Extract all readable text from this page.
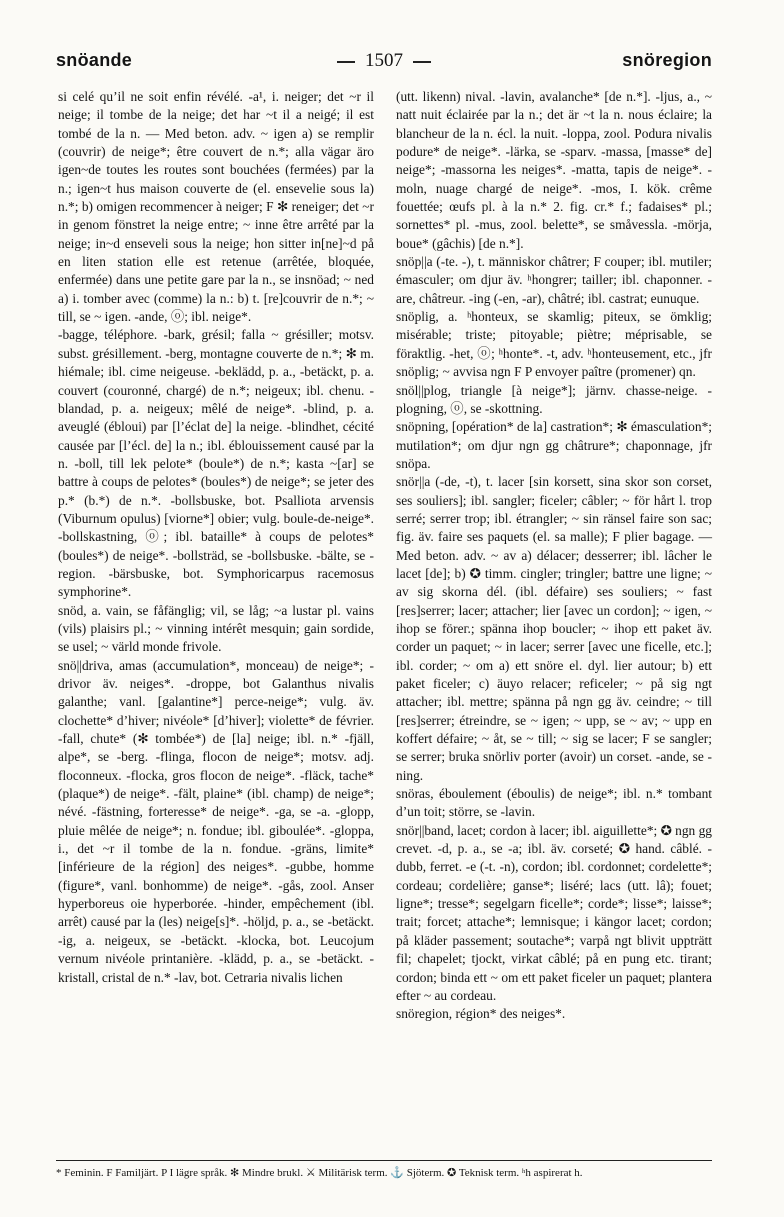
snöande	1507	snöregion

si celé qu’il ne soit enfin révélé. -a¹, i. neiger; det ~r il neige; il tombe de la neige; det har ~t il a neigé; il est tombé de la n. — Med beton. adv. ~ igen a) se remplir (couvrir) de neige*; être couvert de n.*; alla vägar äro igen~de toutes les routes sont bouchées (fermées) par la n.; igen~t hus maison couverte de (el. ensevelie sous la) n.*; b) omigen recommencer à neiger; F ✻ reneiger; det ~r in genom fönstret la neige entre; ~ inne être arrêté par la neige; in~d enseveli sous la neige; hon sitter in[ne]~d på en liten station elle est retenue (arrêtée, bloquée, enfermée) dans une petite gare par la n., se insnöad; ~ ned a) i. tomber avec (comme) la n.: b) t. [re]couvrir de n.*; ~ till, se ~ igen. -ande, ⓞ; ibl. neige*.

-bagge, téléphore. -bark, grésil; falla ~ grésiller; motsv. subst. grésillement. -berg, montagne couverte de n.*; ✻ m. hiémale; ibl. cime neigeuse. -beklädd, p. a., -betäckt, p. a. couvert (couronné, chargé) de n.*; neigeux; ibl. chenu. -blandad, p. a. neigeux; mêlé de neige*. -blind, p. a. aveuglé (ébloui) par [l’éclat de] la neige. -blindhet, cécité causée par [l’écl. de] la n.; ibl. éblouissement causé par la n. -boll, till lek pelote* (boule*) de n.*; kasta ~[ar] se battre à coups de pelotes* (boules*) de neige*; se jeter des p.* (b.*) de n.*. -bollsbuske, bot. Psalliota arvensis (Viburnum opulus) [viorne*] obier; vulg. boule-de-neige*. -bollskastning, ⓞ; ibl. bataille* à coups de pelotes* (boules*) de neige*. -bollsträd, se -bollsbuske. -bälte, se -region. -bärsbuske, bot. Symphoricarpus racemosus symphorine*.

snöd, a. vain, se fåfänglig; vil, se låg; ~a lustar pl. vains (vils) plaisirs pl.; ~ vinning intérêt mesquin; gain sordide, se usel; ~ värld monde frivole.

snö||driva, amas (accumulation*, monceau) de neige*; -drivor äv. neiges*. -droppe, bot Galanthus nivalis galanthe; vanl. [galantine*] perce-neige*; vulg. äv. clochette* d’hiver; nivéole* [d’hiver]; violette* de février. -fall, chute* (✻ tombée*) de [la] neige; ibl. n.* -fjäll, alpe*, se -berg. -flinga, flocon de neige*; motsv. adj. floconneux. -flocka, gros flocon de neige*. -fläck, tache* (plaque*) de neige*. -fält, plaine* (ibl. champ) de neige*; névé. -fästning, forteresse* de neige*. -ga, se -a. -glopp, pluie mêlée de neige*; n. fondue; ibl. giboulée*. -gloppa, i., det ~r il tombe de la n. fondue. -gräns, limite* [inférieure de la région] des neiges*. -gubbe, homme (figure*, vanl. bonhomme) de neige*. -gås, zool. Anser hyperboreus oie hyperborée. -hinder, empêchement (ibl. arrêt) causé par la (les) neige[s]*. -höljd, p. a., se -betäckt. -ig, a. neigeux, se -betäckt. -klocka, bot. Leucojum vernum nivéole printanière. -klädd, p. a., se -betäckt. -kristall, cristal de n.* -lav, bot. Cetraria nivalis lichen

(utt. likenn) nival. -lavin, avalanche* [de n.*]. -ljus, a., ~ natt nuit éclairée par la n.; det är ~t la n. nous éclaire; la blancheur de la n. écl. la nuit. -loppa, zool. Podura nivalis podure* de neige*. -lärka, se -sparv. -massa, [masse* de] neige*; -massorna les neiges*. -matta, tapis de neige*. -moln, nuage chargé de neige*. -mos, I. kök. crême fouettée; œufs pl. à la n.* 2. fig. cr.* f.; fadaises* pl.; sornettes* pl. -mus, zool. belette*, se småvessla. -mörja, boue* (gâchis) [de n.*].

snöp||a (-te. -), t. människor châtrer; F couper; ibl. mutiler; émasculer; om djur äv. ʰhongrer; tailler; ibl. chaponner. -are, châtreur. -ing (-en, -ar), châtré; ibl. castrat; eunuque.

snöplig, a. ʰhonteux, se skamlig; piteux, se ömklig; misérable; triste; pitoyable; piètre; méprisable, se föraktlig. -het, ⓞ; ʰhonte*. -t, adv. ʰhonteusement, etc., jfr snöplig; ~ avvisa ngn F P envoyer paître (promener) qn.

snöl||plog, triangle [à neige*]; järnv. chasse-neige. -plogning, ⓞ, se -skottning.

snöpning, [opération* de la] castration*; ✻ émasculation*; mutilation*; om djur ngn gg châtrure*; chaponnage, jfr snöpa.

snör||a (-de, -t), t. lacer [sin korsett, sina skor son corset, ses souliers]; ibl. sangler; ficeler; câbler; ~ för hårt l. trop serré; serrer trop; ibl. étrangler; ~ sin ränsel faire son sac; fig. äv. faire ses paquets (el. sa malle); F plier bagage. — Med beton. adv. ~ av a) délacer; desserrer; ibl. lâcher le lacet [de]; b) ✪ timm. cingler; tringler; battre une ligne; ~ av sig skorna dél. (ibl. défaire) ses souliers; ~ fast [res]serrer; lacer; attacher; lier [avec un cordon]; ~ igen, ~ ihop se förег.; spänna ihop boucler; ~ ihop ett paket äv. corder un paquet; ~ in lacer; serrer [avec une ficelle, etc.]; ibl. corder; ~ om a) ett snöre el. dyl. lier autour; b) ett paket ficeler; c) äuyo relacer; reficeler; ~ på sig ngt attacher; ibl. mettre; spänna på ngn gg äv. ceindre; ~ till [res]serrer; étreindre, se ~ igen; ~ upp, se ~ av; ~ upp en koffert défaire; ~ åt, se ~ till; ~ sig se lacer; F se sangler; se serrer; bruka snörliv porter (avoir) un corset. -ande, se -ning.

snöras, éboulement (éboulis) de neige*; ibl. n.* tombant d’un toit; större, se -lavin.

snör||band, lacet; cordon à lacer; ibl. aiguillette*; ✪ ngn gg crevet. -d, p. a., se -a; ibl. äv. corseté; ✪ hand. câblé. -dubb, ferret. -e (-t. -n), cordon; ibl. cordonnet; cordelette*; cordeau; cordelière; ganse*; liséré; lacs (utt. lâ); fouet; ligne*; tresse*; segelgarn ficelle*; corde*; lisse*; laisse*; trait; forcet; attache*; lemnisque; i kängor lacet; cordon; på kläder passement; soutache*; varpå ngt blivit uppträtt fil; chapelet; tjockt, virkat câblé; på en pung etc. tirant; cordon; binda ett ~ om ett paket ficeler un paquet; plantera efter ~ au cordeau.

snöregion, région* des neiges*.

* Feminin. F Familjärt. P I lägre språk. ✻ Mindre brukl. ⚔ Militärisk term. ⚓ Sjöterm. ✪ Teknisk term. ʰh aspirerat h.
